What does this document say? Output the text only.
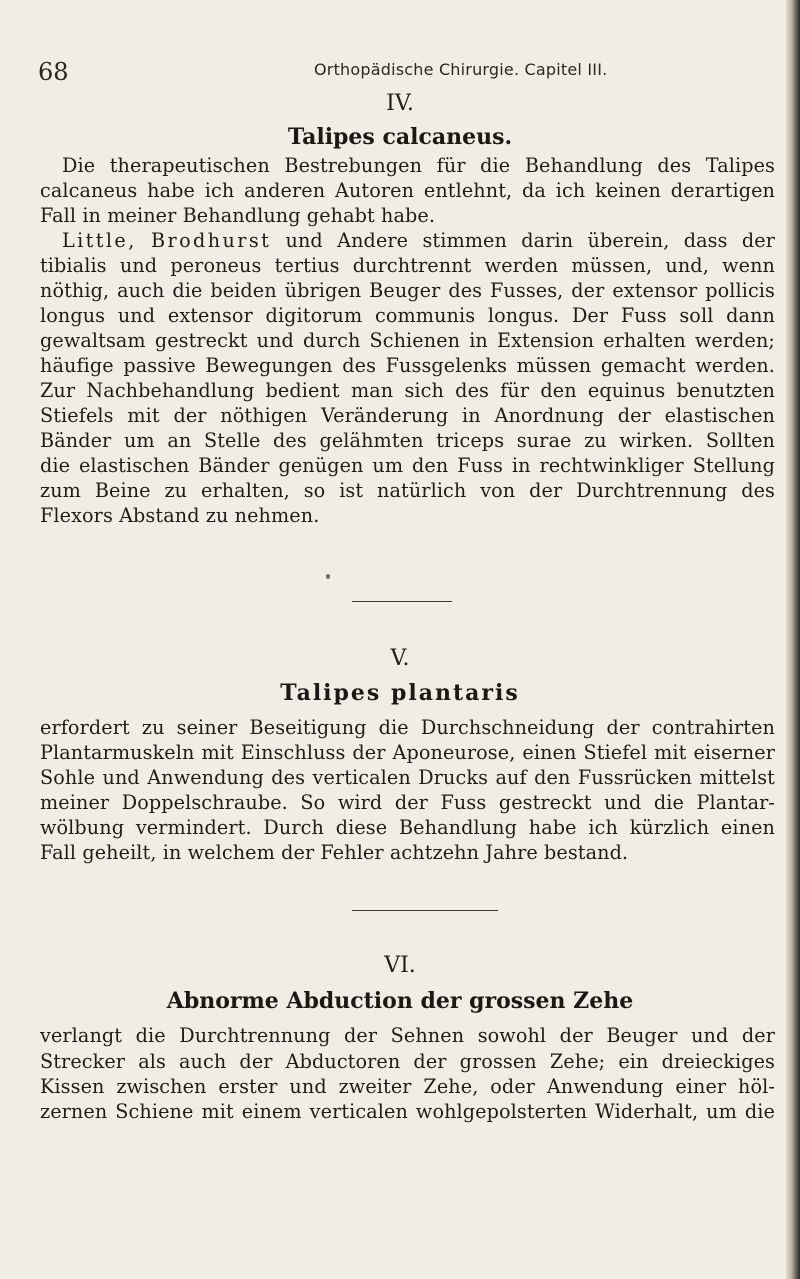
68	Orthopädische Chirurgie. Capitel III.
IV.
Talipes calcaneus.
Die therapeutischen Bestrebungen für die Behandlung des Talipes
calcaneus habe ich anderen Autoren entlehnt, da ich keinen derartigen
Fall in meiner Behandlung gehabt habe.
Little, Brodhurst und Andere stimmen darin überein, dass der
tibialis und peroneus tertius durchtrennt werden müssen, und, wenn
nöthig, auch die beiden übrigen Beuger des Fusses, der extensor pollicis
longus und extensor digitorum communis longus. Der Fuss soll dann
gewaltsam gestreckt und durch Schienen in Extension erhalten werden;
häufige passive Bewegungen des Fussgelenks müssen gemacht werden.
Zur Nachbehandlung bedient man sich des für den equinus benutzten
Stiefels mit der nöthigen Veränderung in Anordnung der elastischen
Bänder um an Stelle des gelähmten triceps surae zu wirken. Sollten
die elastischen Bänder genügen um den Fuss in rechtwinkliger Stellung
zum Beine zu erhalten, so ist natürlich von der Durchtrennung des
Flexors Abstand zu nehmen.
V.
Talipes plantaris
erfordert zu seiner Beseitigung die Durchschneidung der contrahirten
Plantarmuskeln mit Einschluss der Aponeurose, einen Stiefel mit eiserner
Sohle und Anwendung des verticalen Drucks auf den Fussrücken mittelst
meiner Doppelschraube. So wird der Fuss gestreckt und die Plantar-
wölbung vermindert. Durch diese Behandlung habe ich kürzlich einen
Fall geheilt, in welchem der Fehler achtzehn Jahre bestand.
VI.
Abnorme Abduction der grossen Zehe
verlangt die Durchtrennung der Sehnen sowohl der Beuger und der
Strecker als auch der Abductoren der grossen Zehe; ein dreieckiges
Kissen zwischen erster und zweiter Zehe, oder Anwendung einer höl-
zernen Schiene mit einem verticalen wohlgepolsterten Widerhalt, um die
